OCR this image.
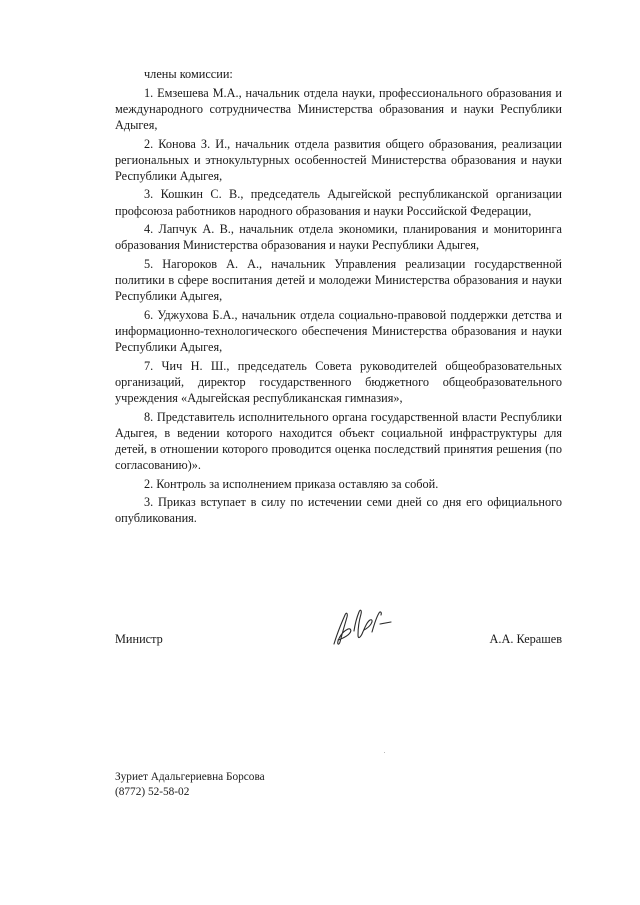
члены комиссии:

1. Емзешева М.А., начальник отдела науки, профессионального образования и международного сотрудничества Министерства образования и науки Республики Адыгея,

2. Конова З. И., начальник отдела развития общего образования, реализации региональных и этнокультурных особенностей Министерства образования и науки Республики Адыгея,

3. Кошкин С. В., председатель Адыгейской республиканской организации профсоюза работников народного образования и науки Российской Федерации,

4. Лапчук А. В., начальник отдела экономики, планирования и мониторинга образования Министерства образования и науки Республики Адыгея,

5. Нагороков А. А., начальник Управления реализации государственной политики в сфере воспитания детей и молодежи Министерства образования и науки Республики Адыгея,

6. Уджухова Б.А., начальник отдела социально-правовой поддержки детства и информационно-технологического обеспечения Министерства образования и науки Республики Адыгея,

7. Чич Н. Ш., председатель Совета руководителей общеобразовательных организаций, директор государственного бюджетного общеобразовательного учреждения «Адыгейская республиканская гимназия»,

8. Представитель исполнительного органа государственной власти Республики Адыгея, в ведении которого находится объект социальной инфраструктуры для детей, в отношении которого проводится оценка последствий принятия решения (по согласованию)».

2. Контроль за исполнением приказа оставляю за собой.

3. Приказ вступает в силу по истечении семи дней со дня его официального опубликования.

Министр	А.А. Керашев
Зуриет Адальгериевна Борсова
(8772) 52-58-02
